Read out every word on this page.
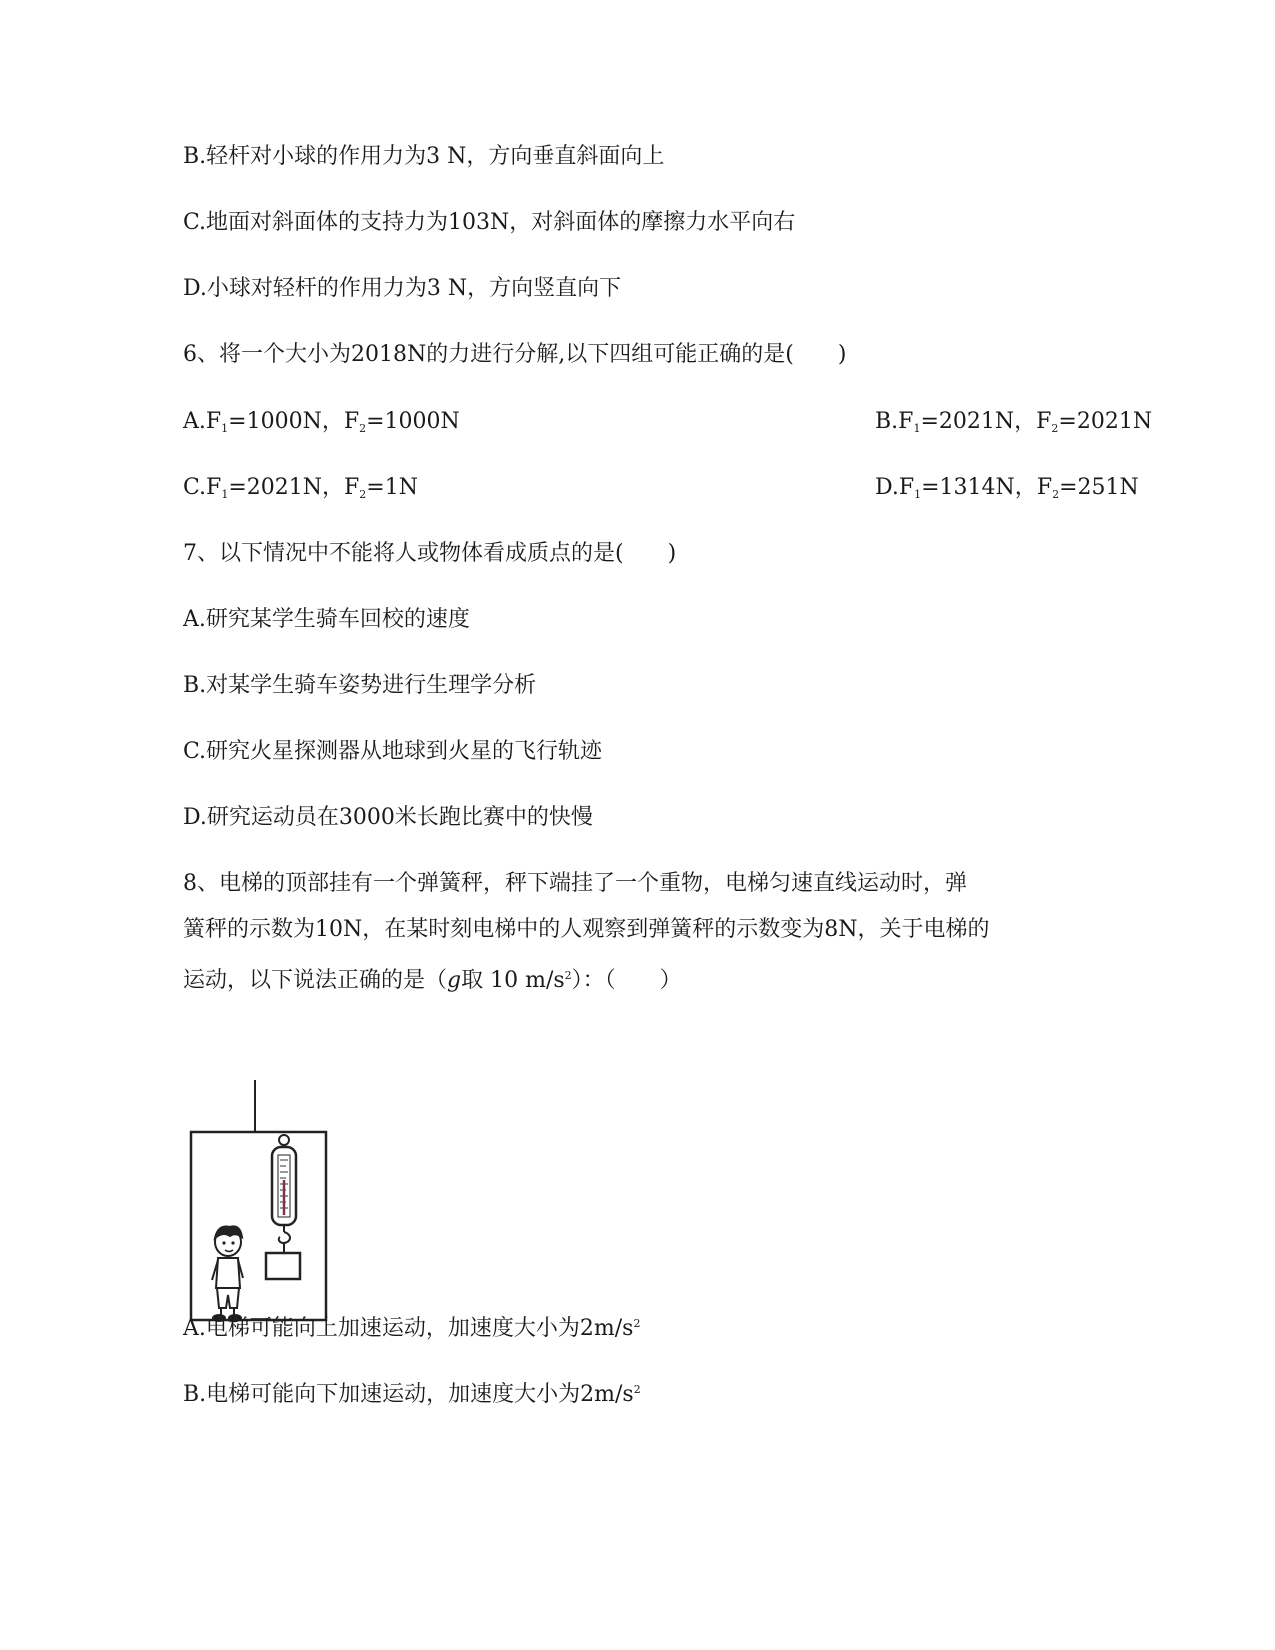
B.轻杆对小球的作用力为3 N，方向垂直斜面向上

C.地面对斜面体的支持力为103N，对斜面体的摩擦力水平向右

D.小球对轻杆的作用力为3 N，方向竖直向下

6、将一个大小为2018N的力进行分解,以下四组可能正确的是(　　)

$A.F_1=1000N$，$F_2=1000N$	$B.F_1=2021N$，$F_2=2021N$

$C.F_1=2021N$，$F_2=1N$	$D.F_1=1314N$，$F_2=251N$

7、以下情况中不能将人或物体看成质点的是(　　)

A.研究某学生骑车回校的速度

B.对某学生骑车姿势进行生理学分析

C.研究火星探测器从地球到火星的飞行轨迹

D.研究运动员在3000米长跑比赛中的快慢

8、电梯的顶部挂有一个弹簧秤，秤下端挂了一个重物，电梯匀速直线运动时，弹

簧秤的示数为10N，在某时刻电梯中的人观察到弹簧秤的示数变为8N，关于电梯的

运动，以下说法正确的是（g取 10 $m/s^2$）：（　　）

A.电梯可能向上加速运动，加速度大小为$2m/s^2$

B.电梯可能向下加速运动，加速度大小为$2m/s^2$
